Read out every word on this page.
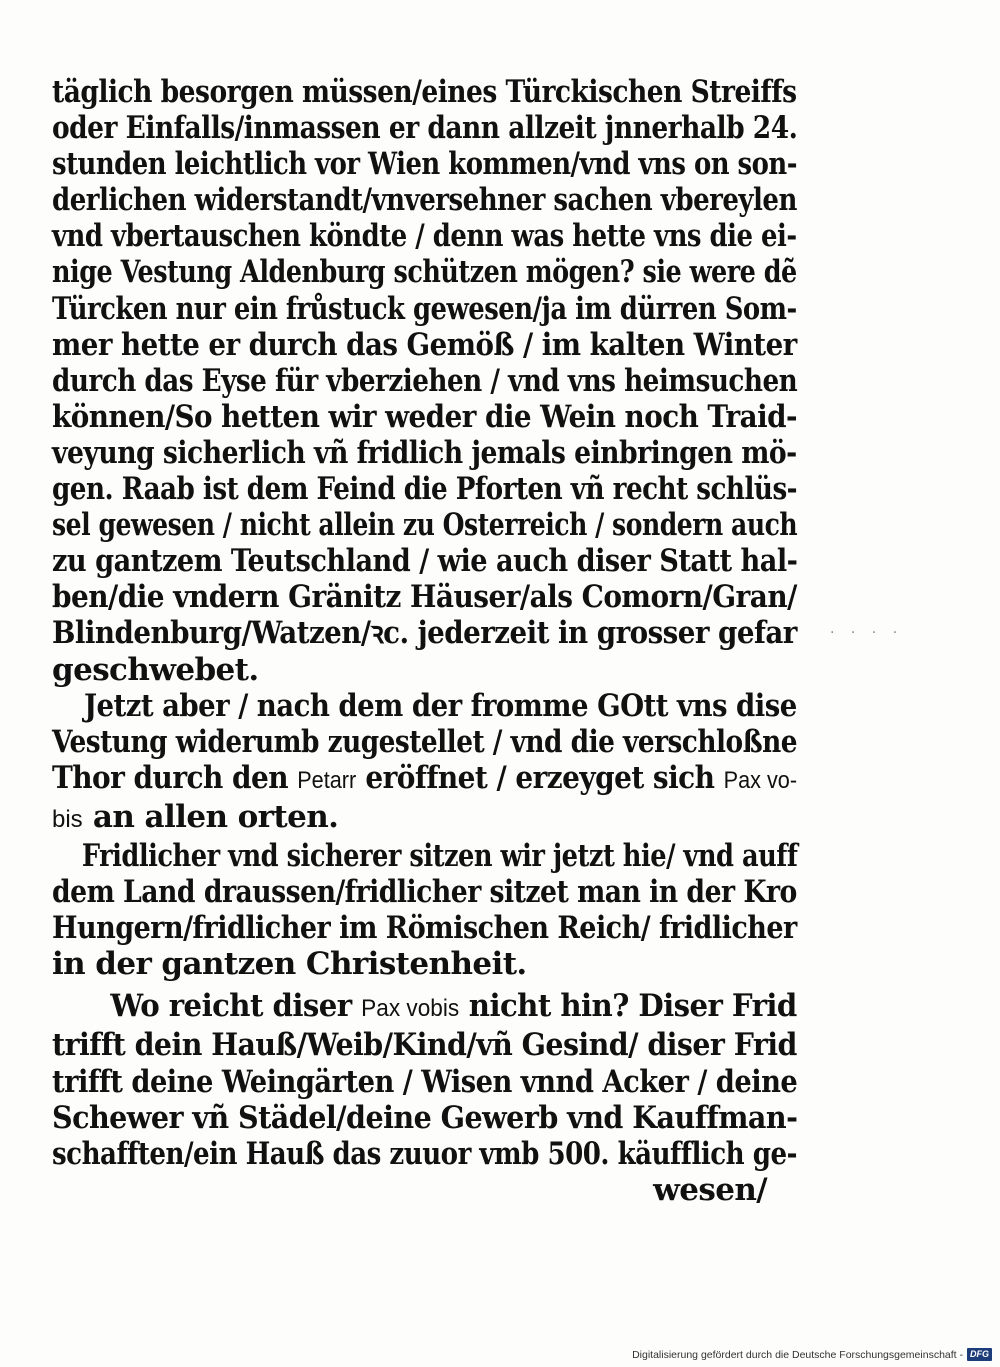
täglich besorgen müssen/eines Türckischen Streiffs
oder Einfalls/inmassen er dann allzeit jnnerhalb 24.
stunden leichtlich vor Wien kommen/vnd vns on son-
derlichen widerstandt/vnversehner sachen vbereylen
vnd vbertauschen köndte / denn was hette vns die ei-
nige Vestung Aldenburg schützen mögen? sie were dẽ
Türcken nur ein frůstuck gewesen/ja im dürren Som-
mer hette er durch das Gemöß / im kalten Winter
durch das Eyse für vberziehen / vnd vns heimsuchen
können/So hetten wir weder die Wein noch Traid-
veyung sicherlich vñ fridlich jemals einbringen mö-
gen. Raab ist dem Feind die Pforten vñ recht schlüs-
sel gewesen / nicht allein zu Osterreich / sondern auch
zu gantzem Teutschland / wie auch diser Statt hal-
ben/die vndern Gränitz Häuser/als Comorn/Gran/
Blindenburg/Watzen/ꝛc. jederzeit in grosser gefar
geschwebet.
Jetzt aber / nach dem der fromme GOtt vns dise
Vestung widerumb zugestellet / vnd die verschloßne
Thor durch den Petarr eröffnet / erzeyget sich Pax vo-
bis an allen orten.
Fridlicher vnd sicherer sitzen wir jetzt hie/ vnd auff
dem Land draussen/fridlicher sitzet man in der Kro
Hungern/fridlicher im Römischen Reich/ fridlicher
in der gantzen Christenheit.
Wo reicht diser Pax vobis nicht hin? Diser Frid
trifft dein Hauß/Weib/Kind/vñ Gesind/ diser Frid
trifft deine Weingärten / Wisen vnnd Acker / deine
Schewer vñ Städel/deine Gewerb vnd Kauffman-
schafften/ein Hauß das zuuor vmb 500. käufflich ge-
wesen/
· · · ·
Digitalisierung gefördert durch die Deutsche Forschungsgemeinschaft - DFG
